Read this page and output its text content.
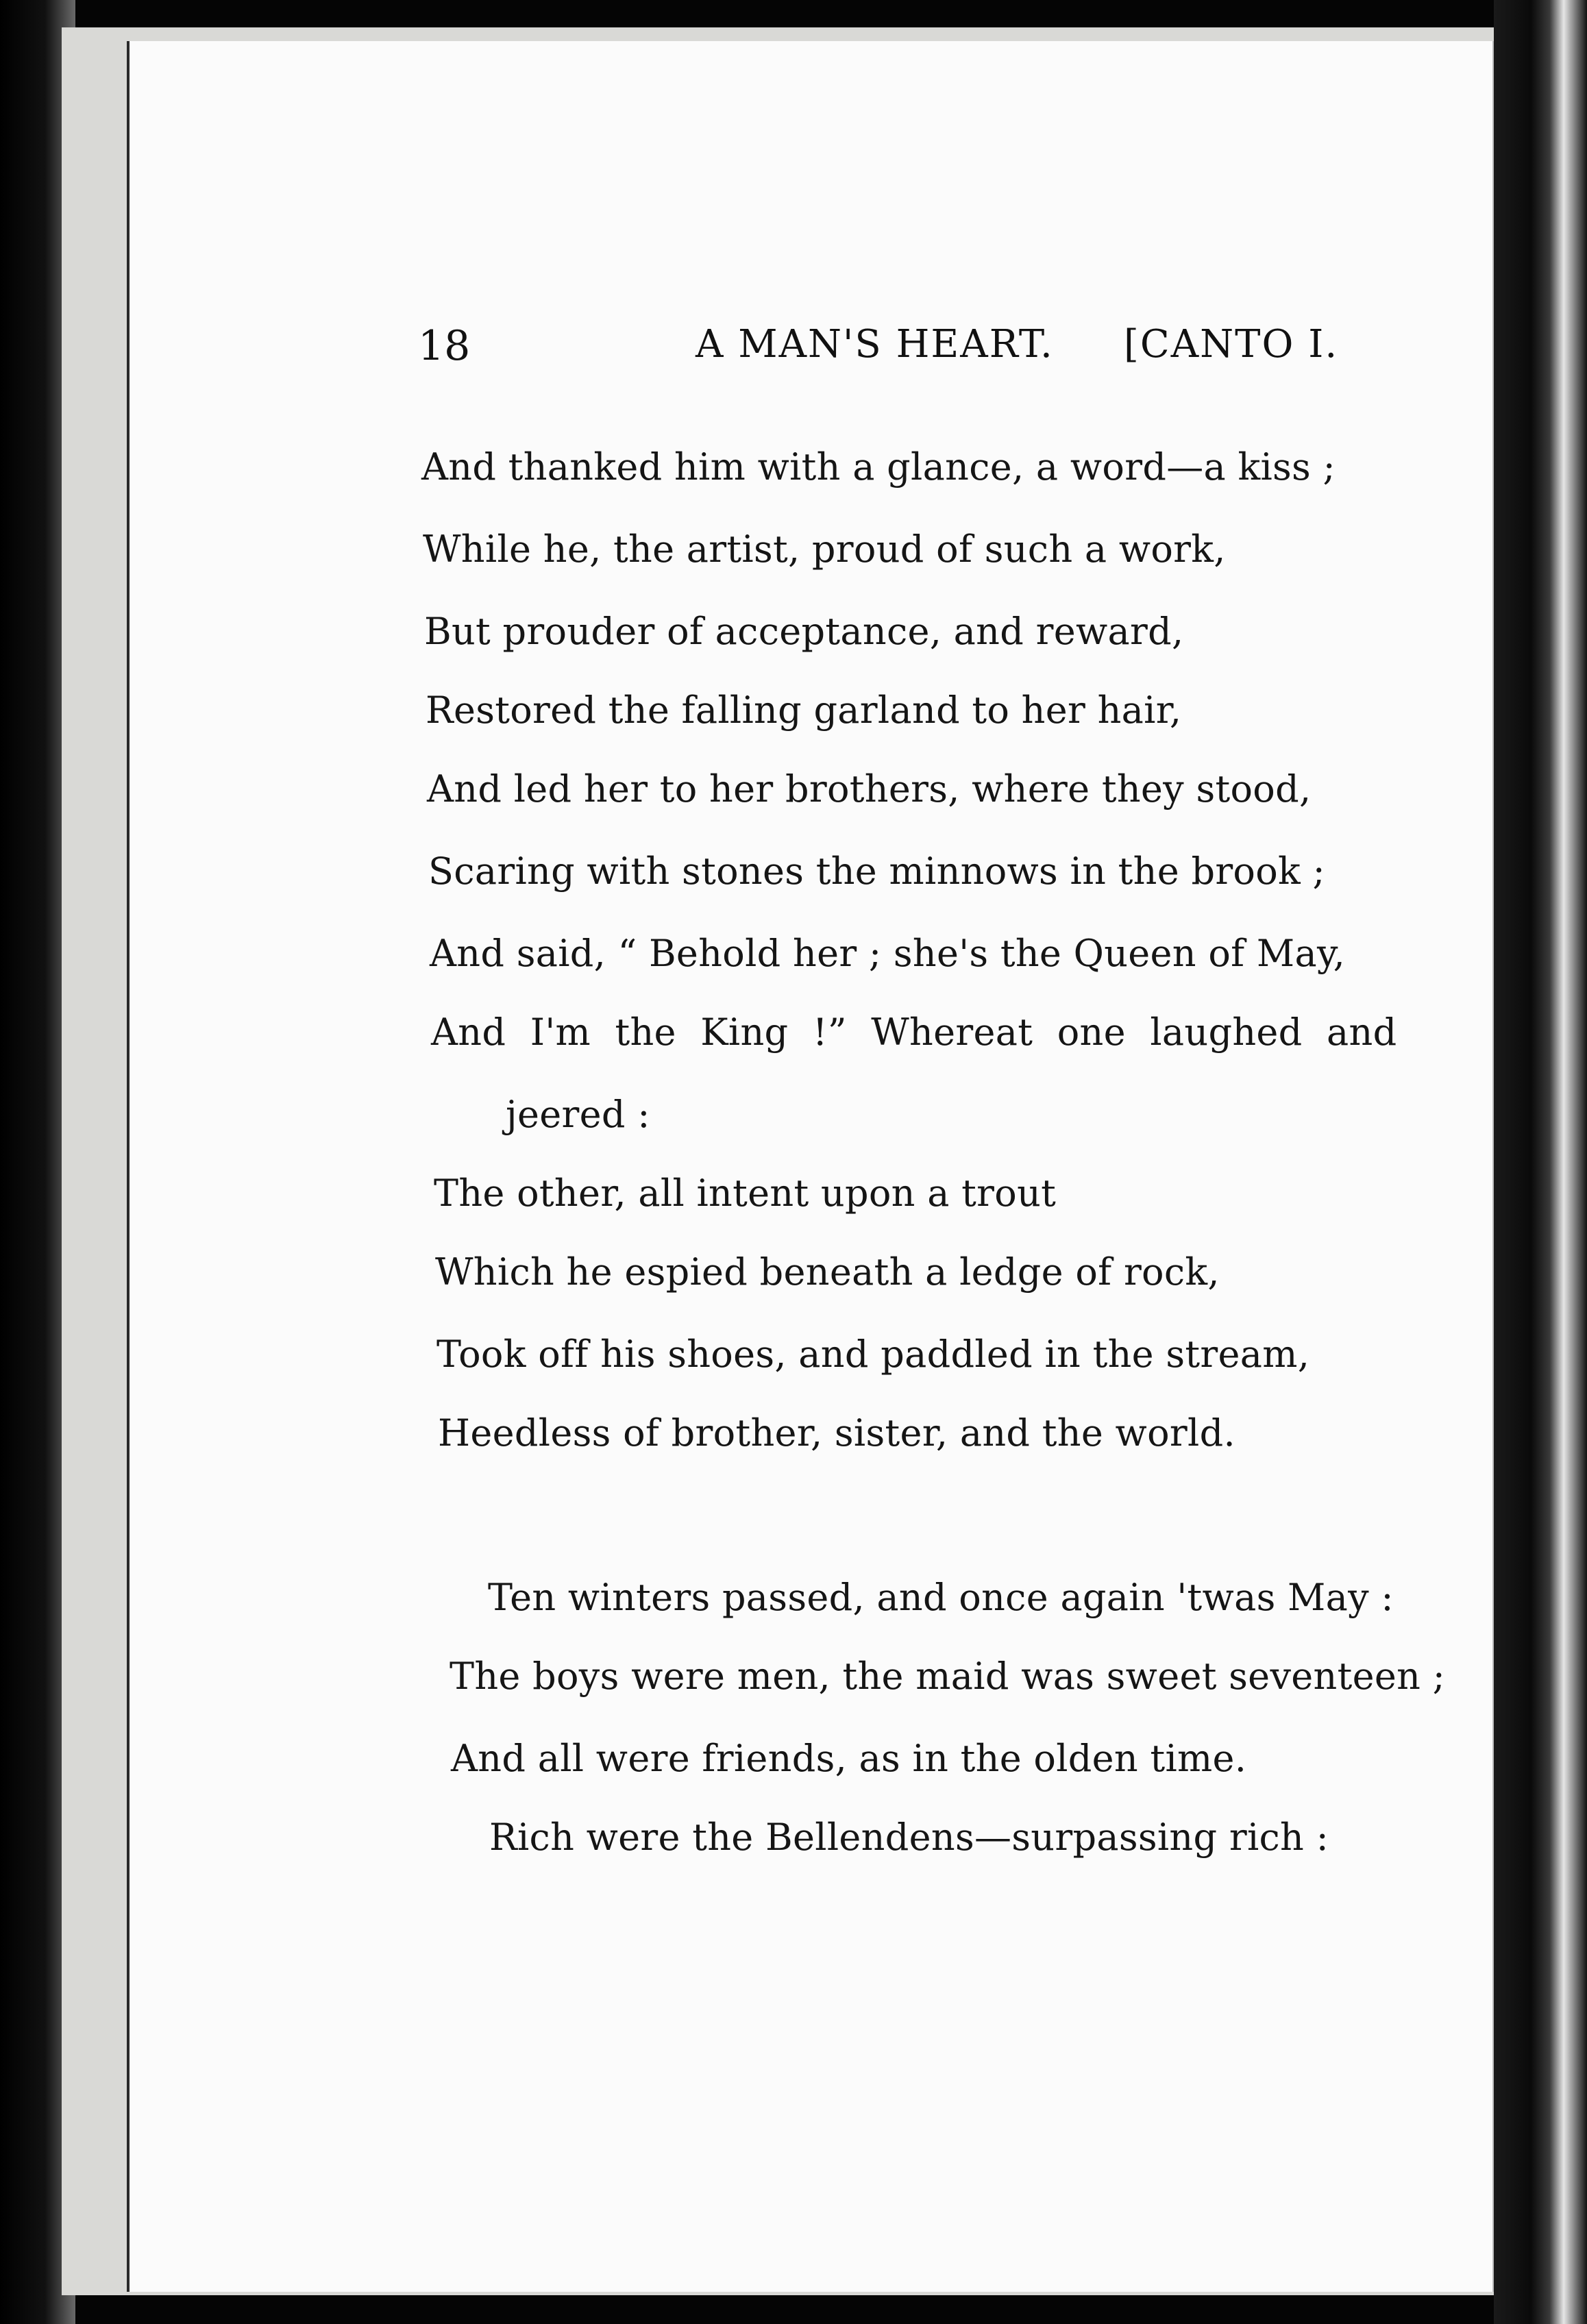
18	A MAN'S HEART. [CANTO I.
And thanked him with a glance, a word—a kiss ;
While he, the artist, proud of such a work,
But prouder of acceptance, and reward,
Restored the falling garland to her hair,
And led her to her brothers, where they stood,
Scaring with stones the minnows in the brook ;
And said, “ Behold her ; she's the Queen of May,
And I'm the King !” Whereat one laughed and
jeered :
The other, all intent upon a trout
Which he espied beneath a ledge of rock,
Took off his shoes, and paddled in the stream,
Heedless of brother, sister, and the world.
Ten winters passed, and once again 'twas May :
The boys were men, the maid was sweet seventeen ;
And all were friends, as in the olden time.
Rich were the Bellendens—surpassing rich :
